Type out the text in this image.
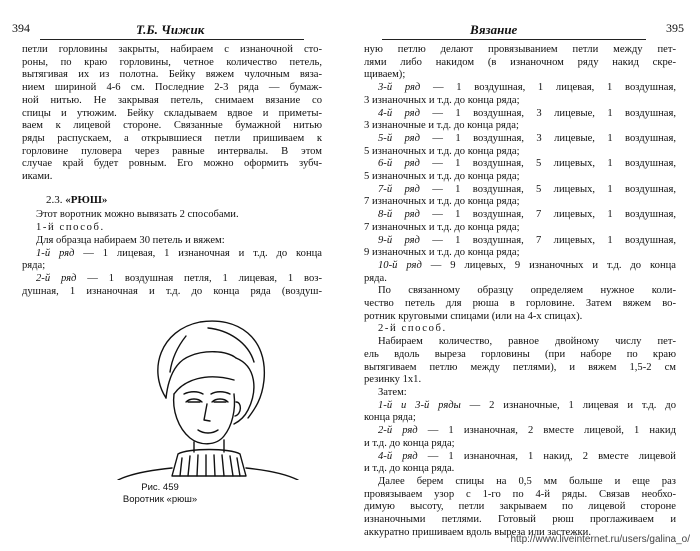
394	Т.Б. Чижик

петли горловины закрыты, набираем с изнаночной сто-

роны, по краю горловины, четное количество петель,

вытягивая их из полотна. Бейку вяжем чулочным вяза-

нием шириной 4-6 см. Последние 2-3 ряда — бумаж-

ной нитью. Не закрывая петель, снимаем вязание со

спицы и утюжим. Бейку складываем вдвое и приметы-

ваем к лицевой стороне. Связанные бумажной нитью

ряды распускаем, а открывшиеся петли пришиваем к

горловине пуловера через равные интервалы. В этом

случае край будет ровным. Его можно оформить зубч-

иками.

2.3. «РЮШ»

Этот воротник можно вывязать 2 способами.

1-й способ.

Для образца набираем 30 петель и вяжем:

1-й ряд — 1 лицевая, 1 изнаночная и т.д. до конца

ряда;

2-й ряд — 1 воздушная петля, 1 лицевая, 1 воз-

душная, 1 изнаночная и т.д. до конца ряда (воздуш-

Рис. 459
Воротник «рюш»
Вязание	395

ную петлю делают провязыванием петли между пет-

лями либо накидом (в изнаночном ряду накид скре-

щиваем);

3-й ряд — 1 воздушная, 1 лицевая, 1 воздушная,

3 изнаночных и т.д. до конца ряда;

4-й ряд — 1 воздушная, 3 лицевые, 1 воздушная,

3 изнаночные и т.д. до конца ряда;

5-й ряд — 1 воздушная, 3 лицевые, 1 воздушная,

5 изнаночных и т.д. до конца ряда;

6-й ряд — 1 воздушная, 5 лицевых, 1 воздушная,

5 изнаночных и т.д. до конца ряда;

7-й ряд — 1 воздушная, 5 лицевых, 1 воздушная,

7 изнаночных и т.д. до конца ряда;

8-й ряд — 1 воздушная, 7 лицевых, 1 воздушная,

7 изнаночных и т.д. до конца ряда;

9-й ряд — 1 воздушная, 7 лицевых, 1 воздушная,

9 изнаночных и т.д. до конца ряда;

10-й ряд — 9 лицевых, 9 изнаночных и т.д. до конца

ряда.

По связанному образцу определяем нужное коли-

чество петель для рюша в горловине. Затем вяжем во-

ротник круговыми спицами (или на 4-х спицах).

2-й способ.

Набираем количество, равное двойному числу пет-

ель вдоль выреза горловины (при наборе по краю

вытягиваем петлю между петлями), и вяжем 1,5-2 см

резинку 1x1.

Затем:

1-й и 3-й ряды — 2 изнаночные, 1 лицевая и т.д. до

конца ряда;

2-й ряд — 1 изнаночная, 2 вместе лицевой, 1 накид

и т.д. до конца ряда;

4-й ряд — 1 изнаночная, 1 накид, 2 вместе лицевой

и т.д. до конца ряда.

Далее берем спицы на 0,5 мм больше и еще раз

провязываем узор с 1-го по 4-й ряды. Связав необхо-

димую высоту, петли закрываем по лицевой стороне

изнаночными петлями. Готовый рюш проглаживаем и

аккуратно пришиваем вдоль выреза или застежки.

http://www.liveinternet.ru/users/galina_o/
